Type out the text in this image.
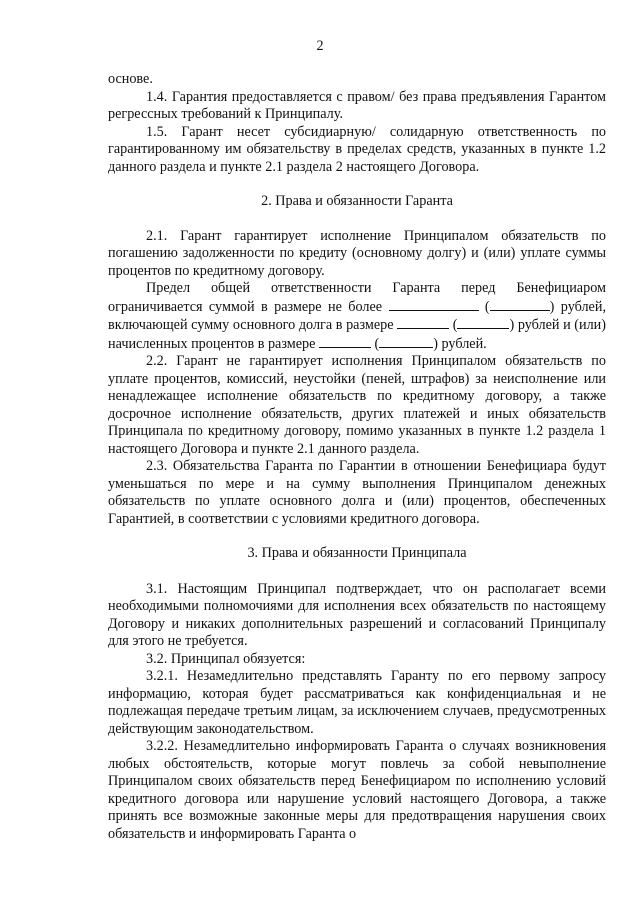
2

основе.

1.4. Гарантия предоставляется с правом/ без права предъявления Гарантом регрессных требований к Принципалу.

1.5. Гарант несет субсидиарную/ солидарную ответственность по гарантированному им обязательству в пределах средств, указанных в пункте 1.2 данного раздела и пункте 2.1 раздела 2 настоящего Договора.

2. Права и обязанности Гаранта

2.1. Гарант гарантирует исполнение Принципалом обязательств по погашению задолженности по кредиту (основному долгу) и (или) уплате суммы процентов по кредитному договору.

Предел общей ответственности Гаранта перед Бенефициаром ограничивается суммой в размере не более	(	) рублей, включающей сумму основного долга в размере	(	) рублей и (или) начисленных процентов в размере	(	) рублей.

2.2. Гарант не гарантирует исполнения Принципалом обязательств по уплате процентов, комиссий, неустойки (пеней, штрафов) за неисполнение или ненадлежащее исполнение обязательств по кредитному договору, а также досрочное исполнение обязательств, других платежей и иных обязательств Принципала по кредитному договору, помимо указанных в пункте 1.2 раздела 1 настоящего Договора и пункте 2.1 данного раздела.

2.3. Обязательства Гаранта по Гарантии в отношении Бенефициара будут уменьшаться по мере и на сумму выполнения Принципалом денежных обязательств по уплате основного долга и (или) процентов, обеспеченных Гарантией, в соответствии с условиями кредитного договора.

3. Права и обязанности Принципала

3.1. Настоящим Принципал подтверждает, что он располагает всеми необходимыми полномочиями для исполнения всех обязательств по настоящему Договору и никаких дополнительных разрешений и согласований Принципалу для этого не требуется.

3.2. Принципал обязуется:

3.2.1. Незамедлительно представлять Гаранту по его первому запросу информацию, которая будет рассматриваться как конфиденциальная и не подлежащая передаче третьим лицам, за исключением случаев, предусмотренных действующим законодательством.

3.2.2. Незамедлительно информировать Гаранта о случаях возникновения любых обстоятельств, которые могут повлечь за собой невыполнение Принципалом своих обязательств перед Бенефициаром по исполнению условий кредитного договора или нарушение условий настоящего Договора, а также принять все возможные законные меры для предотвращения нарушения своих обязательств и информировать Гаранта о
